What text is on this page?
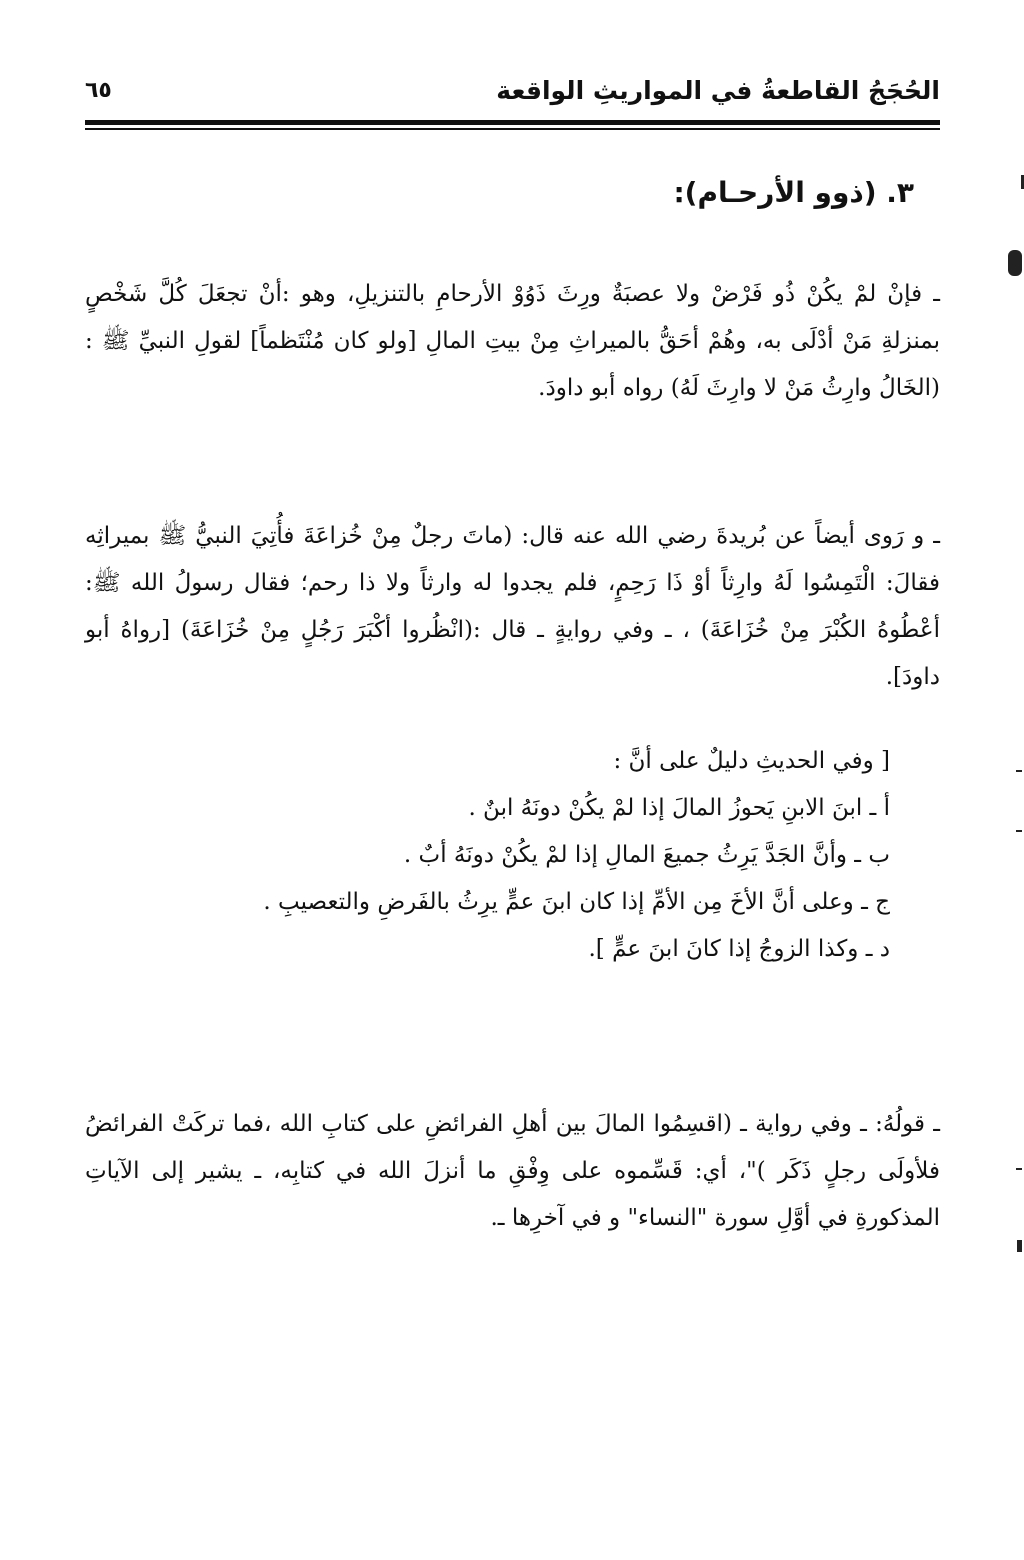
الحُجَجُ القاطعةُ في المواريثِ الواقعة
٦٥
٣. (ذوو الأرحـام):

ـ فإنْ لمْ يكُنْ ذُو فَرْضْ ولا عصبَةٌ ورِثَ ذَوُوْ الأرحامِ بالتنزيلِ، وهو :أنْ تجعَلَ كُلَّ شَخْصٍ بمنزلةِ مَنْ أدْلَى به، وهُمْ أحَقُّ بالميراثِ مِنْ بيتِ المالِ [ولو كان مُنْتَظماً] لقولِ النبيِّ ﷺ : (الخَالُ وارِثُ مَنْ لا وارِثَ لَهُ) رواه أبو داودَ.

ـ و رَوى أيضاً عن بُريدةَ رضي الله عنه قال: (ماتَ رجلٌ مِنْ خُزاعَةَ فأُتِيَ النبيُّ ﷺ بميراثِه فقالَ: الْتَمِسُوا لَهُ وارِثاً أوْ ذَا رَحِمٍ، فلم يجدوا له وارثاً ولا ذا رحم؛ فقال رسولُ الله ﷺ: أعْطُوهُ الكُبْرَ مِنْ خُزَاعَةَ) ، ـ وفي روايةٍ ـ قال :(انْظُروا أكْبَرَ رَجُلٍ مِنْ خُزَاعَةَ) [رواهُ أبو داودَ].

[ وفي الحديثِ دليلٌ على أنَّ :
أ ـ ابنَ الابنِ يَحوزُ المالَ إذا لمْ يكُنْ دونَهُ ابنٌ .
ب ـ وأنَّ الجَدَّ يَرِثُ جميعَ المالِ إذا لمْ يكُنْ دونَهُ أبٌ .
ج ـ وعلى أنَّ الأخَ مِن الأمِّ إذا كان ابنَ عمٍّ يرِثُ بالفَرضِ والتعصيبِ .
د ـ وكذا الزوجُ إذا كانَ ابنَ عمٍّ ].

ـ قولُهُ: ـ وفي رواية ـ (اقسِمُوا المالَ بين أهلِ الفرائضِ على كتابِ الله ،فما تركَتْ الفرائضُ فلأولَى رجلٍ ذَكَر )"، أي: قَسِّموه على وِفْقِ ما أنزلَ الله في كتابِه، ـ يشير إلى الآياتِ المذكورةِ في أوَّلِ سورة "النساء" و في آخرِها ـ.
